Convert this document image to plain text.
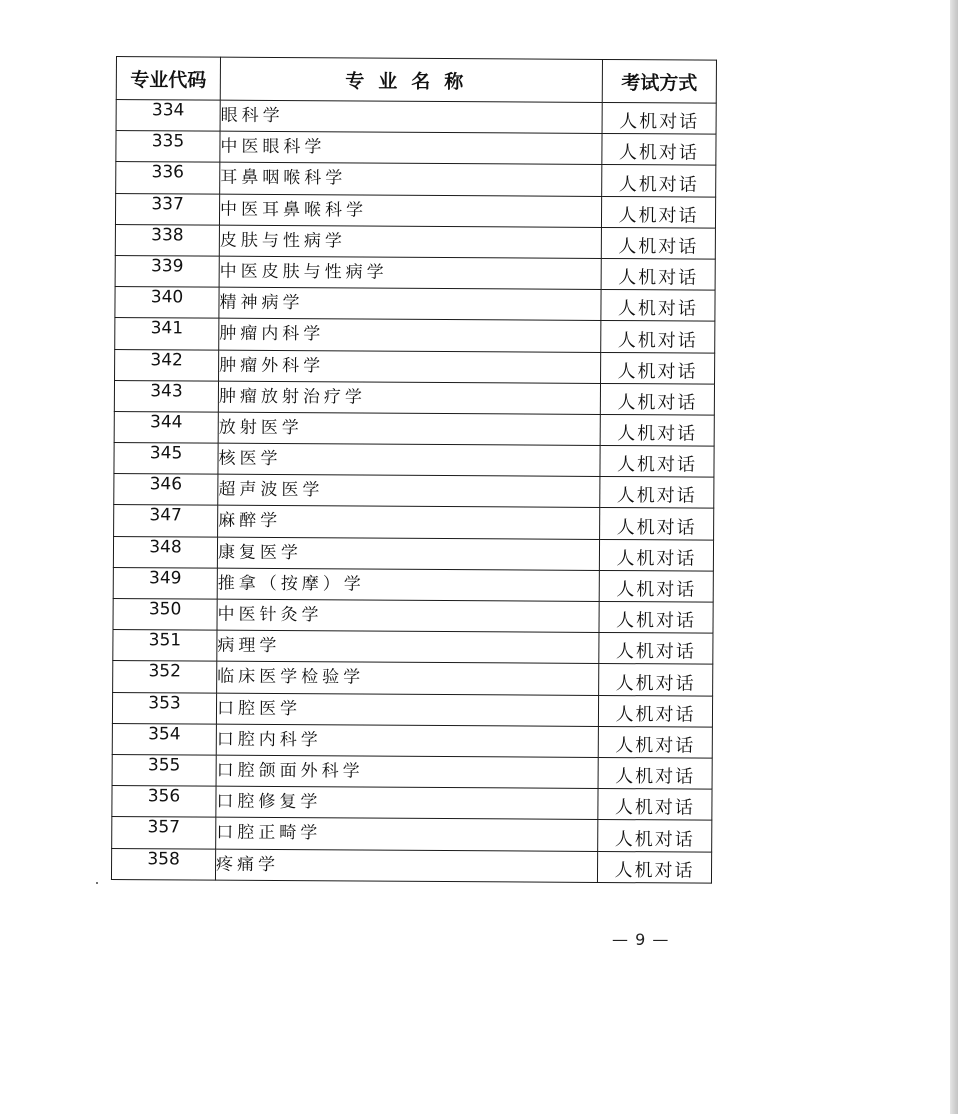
专业代码	专业名称	考试方式
334	眼科学	人机对话
335	中医眼科学	人机对话
336	耳鼻咽喉科学	人机对话
337	中医耳鼻喉科学	人机对话
338	皮肤与性病学	人机对话
339	中医皮肤与性病学	人机对话
340	精神病学	人机对话
341	肿瘤内科学	人机对话
342	肿瘤外科学	人机对话
343	肿瘤放射治疗学	人机对话
344	放射医学	人机对话
345	核医学	人机对话
346	超声波医学	人机对话
347	麻醉学	人机对话
348	康复医学	人机对话
349	推拿（按摩）学	人机对话
350	中医针灸学	人机对话
351	病理学	人机对话
352	临床医学检验学	人机对话
353	口腔医学	人机对话
354	口腔内科学	人机对话
355	口腔颌面外科学	人机对话
356	口腔修复学	人机对话
357	口腔正畸学	人机对话
358	疼痛学	人机对话
— 9 —
